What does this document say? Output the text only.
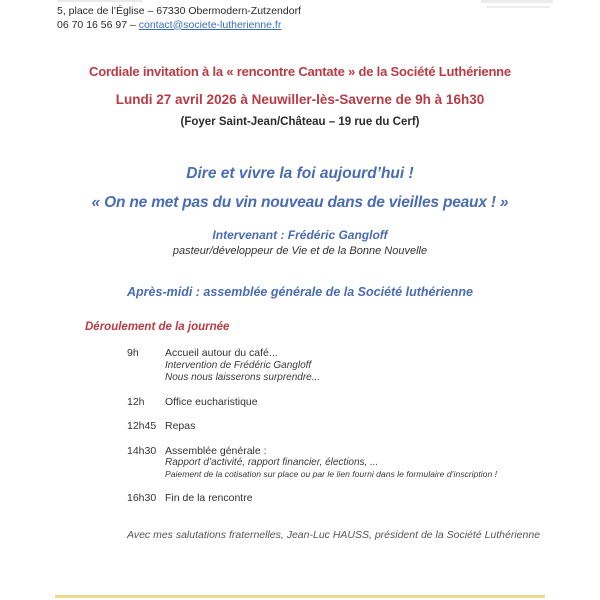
5, place de l’Église – 67330 Obermodern-Zutzendorf
06 70 16 56 97 – contact@societe-lutherienne.fr
Cordiale invitation à la « rencontre Cantate » de la Société Luthérienne
Lundi 27 avril 2026 à Neuwiller-lès-Saverne de 9h à 16h30
(Foyer Saint-Jean/Château – 19 rue du Cerf)
Dire et vivre la foi aujourd’hui !
« On ne met pas du vin nouveau dans de vieilles peaux ! »
Intervenant : Frédéric Gangloff
pasteur/développeur de Vie et de la Bonne Nouvelle
Après-midi : assemblée générale de la Société luthérienne
Déroulement de la journée
9h	Accueil autour du café...
Intervention de Frédéric Gangloff
Nous nous laisserons surprendre...
12h	Office eucharistique
12h45 Repas
14h30 Assemblée générale :
Rapport d’activité, rapport financier, élections, ...
Paiement de la cotisation sur place ou par le lien fourni dans le formulaire d’inscription !
16h30 Fin de la rencontre
Avec mes salutations fraternelles, Jean-Luc HAUSS, président de la Société Luthérienne
